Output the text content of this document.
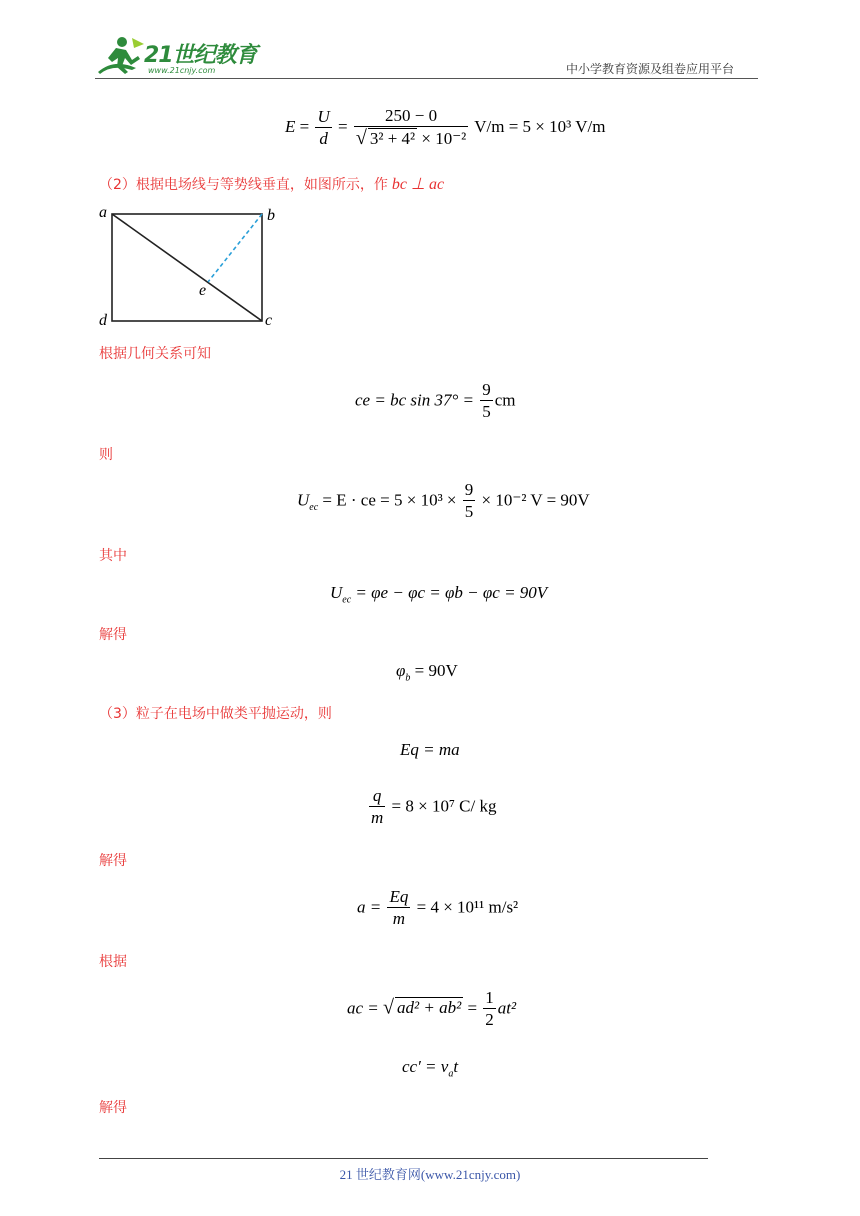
21世纪教育
www.21cnjy.com	中小学教育资源及组卷应用平台
$E = \frac{U}{d} = \frac{250 - 0}{\text{√ 3² + 4² × 10⁻²}} V/m = 5 \times 10^3$ V/m
（2）根据电场线与等势线垂直，如图所示，作 bc ⊥ ac
a	b
c
d
e
根据几何关系可知
ce = bc $\sin 37^\circ = \frac{9}{5}$ cm
则
$U_{ec} = E$ · ce = $5 \times 10^3 \times \frac{9}{5} \times 10^{-2}$ V = 90V
其中
$U_{ec} = \varphi e - \varphi c = \varphi b - \varphi c = 90V$
解得
$\varphi_b = 90V$
（3）粒子在电场中做类平抛运动，则
Eq = ma
$\frac{q}{m} = 8 \times 10^7$ C/ kg
解得
$a = \frac{Eq}{m} = 4 \times 10^{11}$ m/s²
根据
ac = √ $ad^2 + ab^2 = \frac{1}{2} at^2$
$cc' = v_at$
解得
21 世纪教育网(www.21cnjy.com)
